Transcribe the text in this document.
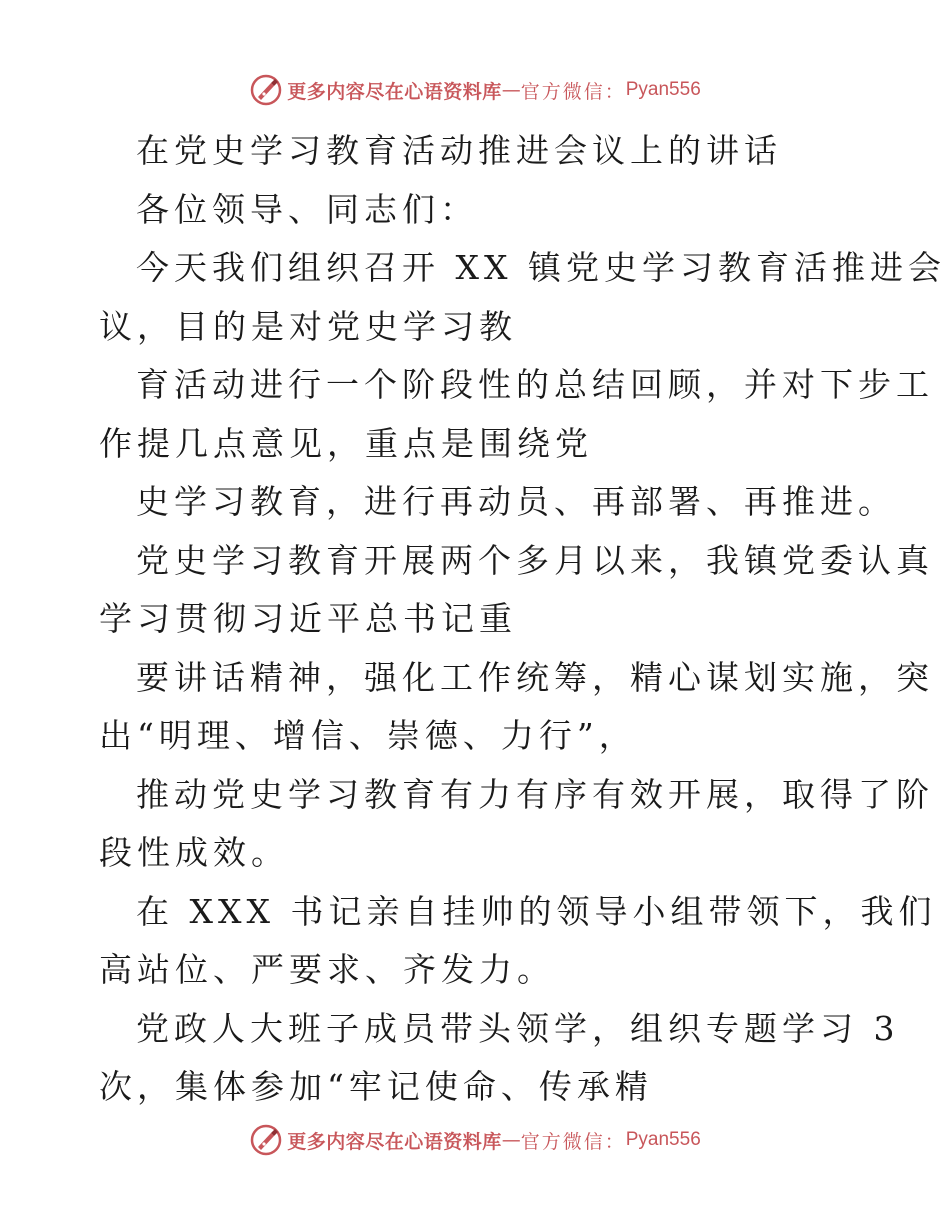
更多内容尽在心语资料库 — 官方微信： Pyan556
在党史学习教育活动推进会议上的讲话
各位领导、同志们：
今天我们组织召开 XX 镇党史学习教育活推进会
议，目的是对党史学习教
育活动进行一个阶段性的总结回顾，并对下步工
作提几点意见，重点是围绕党
史学习教育，进行再动员、再部署、再推进。
党史学习教育开展两个多月以来，我镇党委认真
学习贯彻习近平总书记重
要讲话精神，强化工作统筹，精心谋划实施，突
出“明理、增信、崇德、力行”，
推动党史学习教育有力有序有效开展，取得了阶
段性成效。
在 XXX 书记亲自挂帅的领导小组带领下，我们
高站位、严要求、齐发力。
党政人大班子成员带头领学，组织专题学习 3
次，集体参加“牢记使命、传承精
更多内容尽在心语资料库 — 官方微信： Pyan556
